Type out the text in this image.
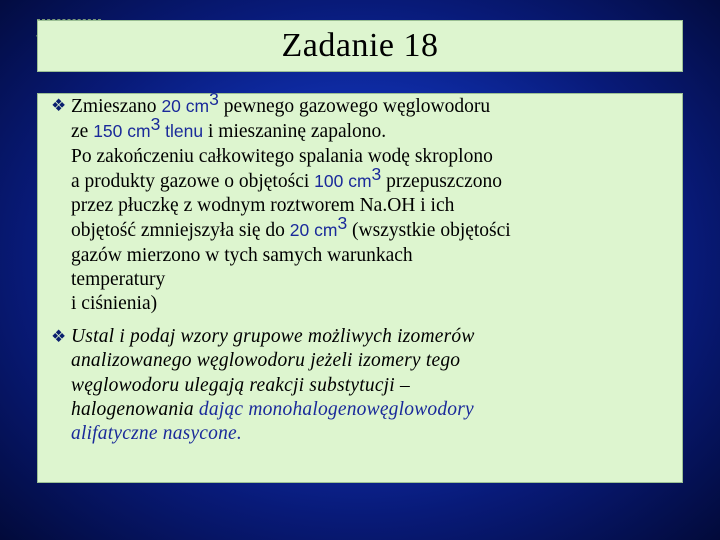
Zadanie 18
❖ Zmieszano 20 $cm^3$ pewnego gazowego węglowodoru
ze 150 $cm^3$ tlenu i mieszaninę zapalono.
Po zakończeniu całkowitego spalania wodę skroplono
a produkty gazowe o objętości 100 $cm^3$ przepuszczono
przez płuczkę z wodnym roztworem Na.OH i ich
objętość zmniejszyła się do 20 $cm^3$ (wszystkie objętości
gazów mierzono w tych samych warunkach
temperatury
i ciśnienia)
❖ Ustal i podaj wzory grupowe możliwych izomerów
analizowanego węglowodoru jeżeli izomery tego
węglowodoru ulegają reakcji substytucji –
halogenowania dając monohalogenowęglowodory
alifatyczne nasycone.
